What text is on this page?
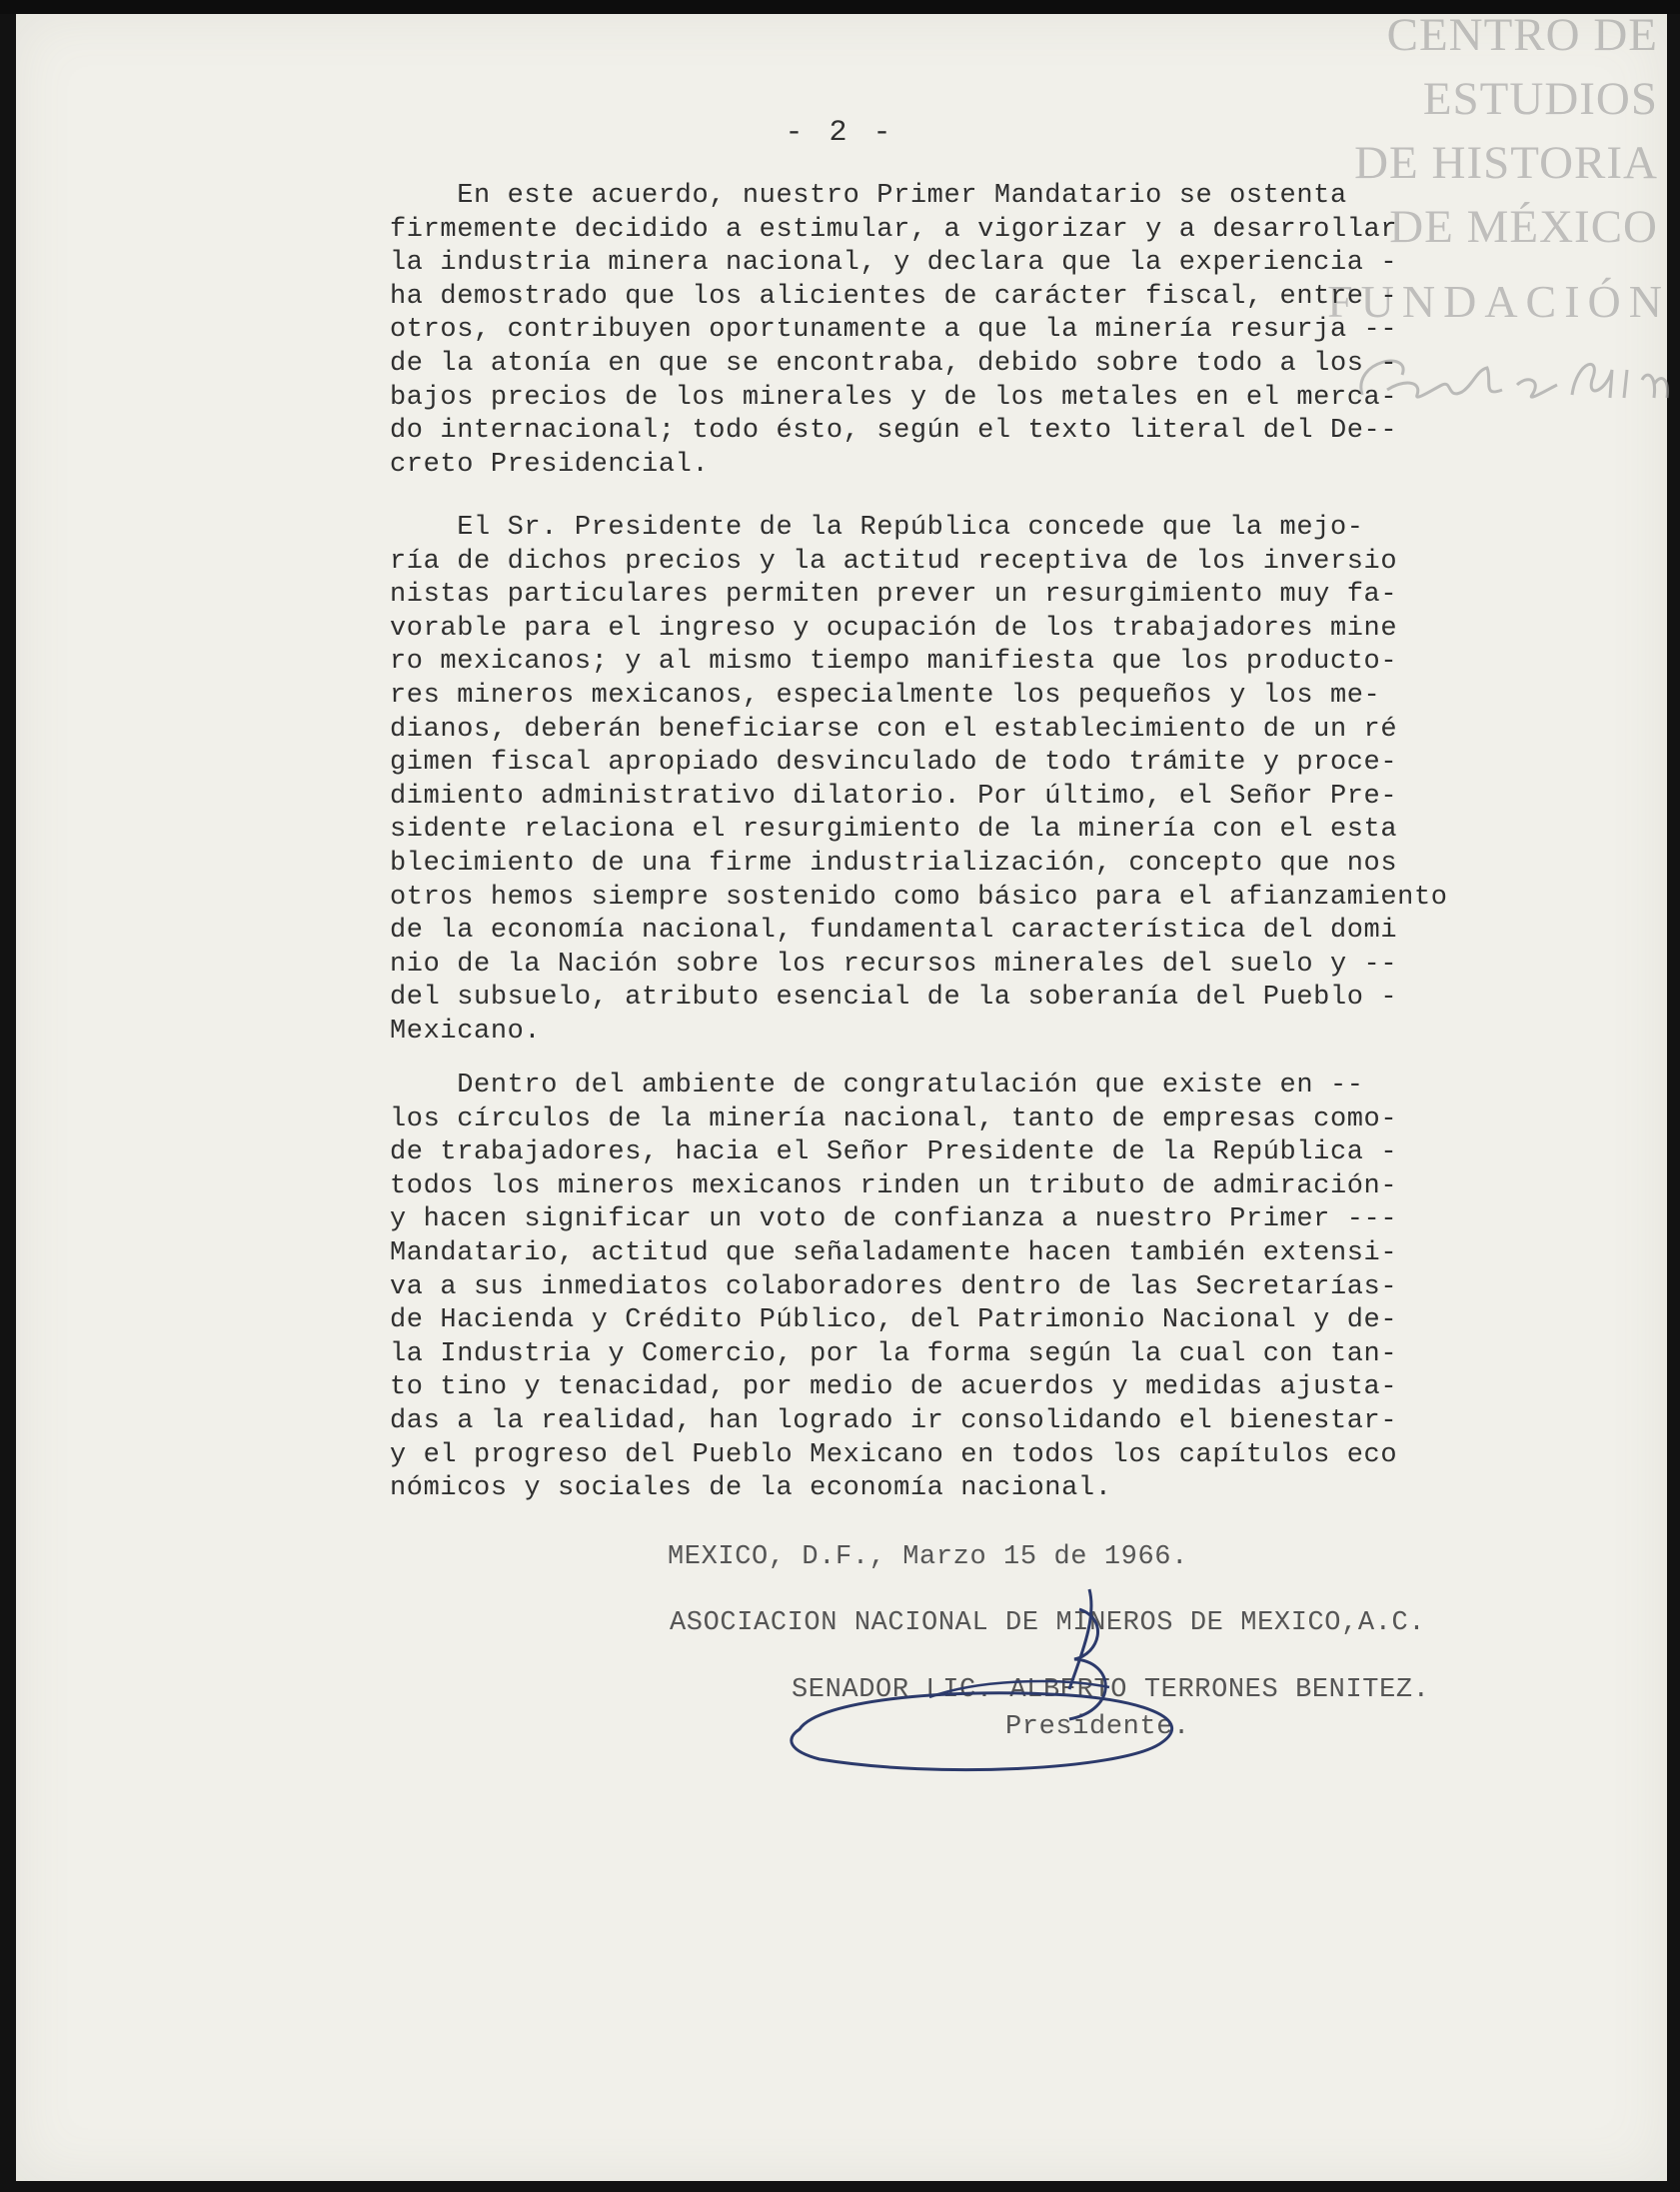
CENTRO DE
ESTUDIOS
DE HISTORIA
DE MÉXICO
FUNDACIÓN
- 2 -
En este acuerdo, nuestro Primer Mandatario se ostenta
firmemente decidido a estimular, a vigorizar y a desarrollar
la industria minera nacional, y declara que la experiencia -
ha demostrado que los alicientes de carácter fiscal, entre -
otros, contribuyen oportunamente a que la minería resurja --
de la atonía en que se encontraba, debido sobre todo a los -
bajos precios de los minerales y de los metales en el merca-
do internacional; todo ésto, según el texto literal del De--
creto Presidencial.
El Sr. Presidente de la República concede que la mejo-
ría de dichos precios y la actitud receptiva de los inversio
nistas particulares permiten prever un resurgimiento muy fa-
vorable para el ingreso y ocupación de los trabajadores mine
ro mexicanos; y al mismo tiempo manifiesta que los producto-
res mineros mexicanos, especialmente los pequeños y los me-
dianos, deberán beneficiarse con el establecimiento de un ré
gimen fiscal apropiado desvinculado de todo trámite y proce-
dimiento administrativo dilatorio. Por último, el Señor Pre-
sidente relaciona el resurgimiento de la minería con el esta
blecimiento de una firme industrialización, concepto que nos
otros hemos siempre sostenido como básico para el afianzamiento
de la economía nacional, fundamental característica del domi
nio de la Nación sobre los recursos minerales del suelo y --
del subsuelo, atributo esencial de la soberanía del Pueblo -
Mexicano.
Dentro del ambiente de congratulación que existe en --
los círculos de la minería nacional, tanto de empresas como-
de trabajadores, hacia el Señor Presidente de la República -
todos los mineros mexicanos rinden un tributo de admiración-
y hacen significar un voto de confianza a nuestro Primer ---
Mandatario, actitud que señaladamente hacen también extensi-
va a sus inmediatos colaboradores dentro de las Secretarías-
de Hacienda y Crédito Público, del Patrimonio Nacional y de-
la Industria y Comercio, por la forma según la cual con tan-
to tino y tenacidad, por medio de acuerdos y medidas ajusta-
das a la realidad, han logrado ir consolidando el bienestar-
y el progreso del Pueblo Mexicano en todos los capítulos eco
nómicos y sociales de la economía nacional.
MEXICO, D.F., Marzo 15 de 1966.
ASOCIACION NACIONAL DE MINEROS DE MEXICO,A.C.
SENADOR LIC. ALBERTO TERRONES BENITEZ.
Presidente.
